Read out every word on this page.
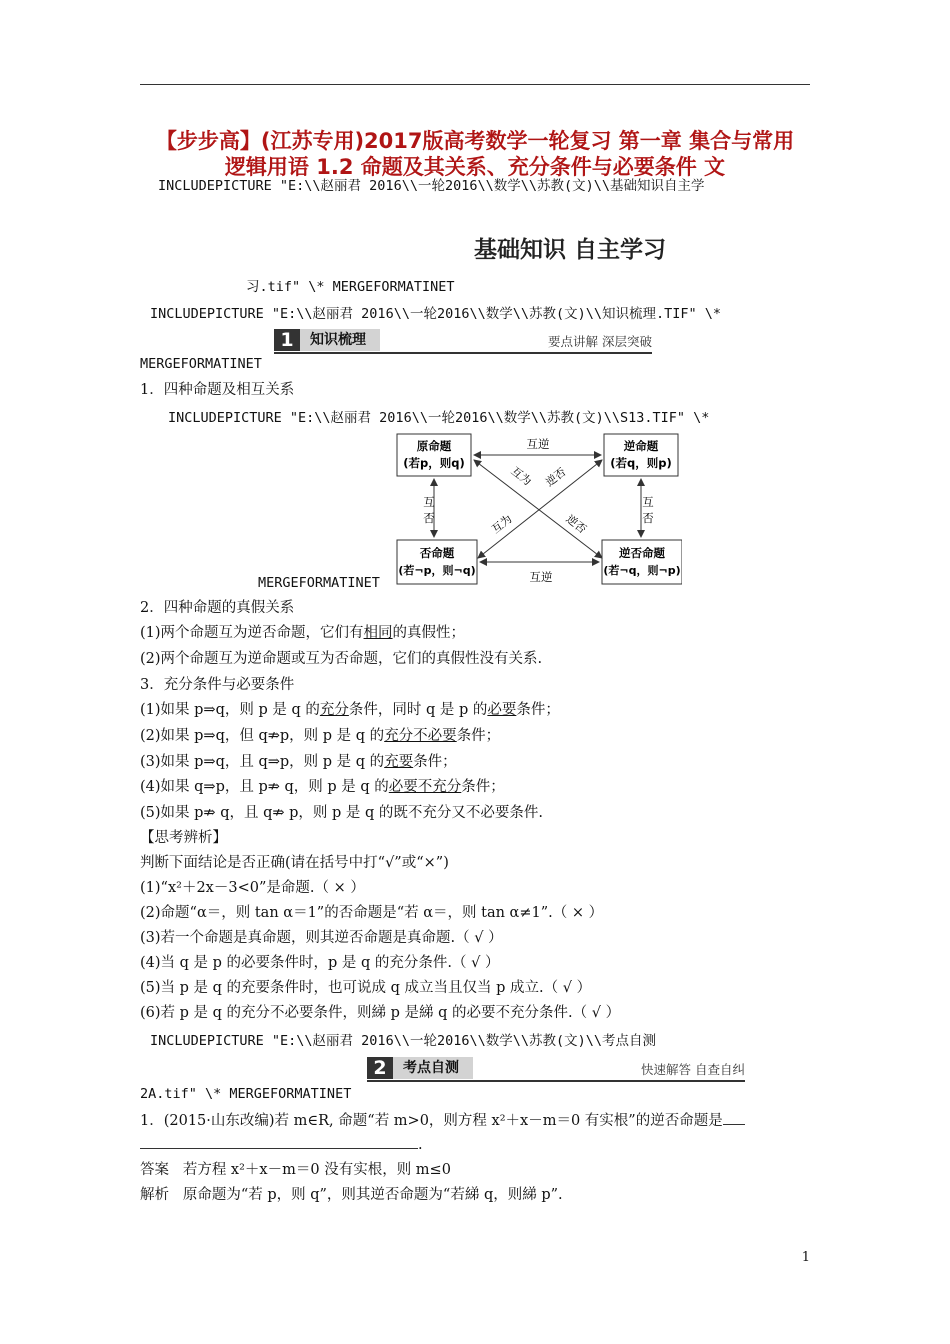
【步步高】(江苏专用)2017版高考数学一轮复习 第一章 集合与常用
逻辑用语 1.2 命题及其关系、充分条件与必要条件 文
INCLUDEPICTURE "E:\\赵丽君 2016\\一轮2016\\数学\\苏教(文)\\基础知识自主学
基础知识 自主学习
习.tif" \* MERGEFORMATINET
INCLUDEPICTURE "E:\\赵丽君 2016\\一轮2016\\数学\\苏教(文)\\知识梳理.TIF" \*
1	知识梳理	要点讲解 深层突破
MERGEFORMATINET
1．四种命题及相互关系
INCLUDEPICTURE "E:\\赵丽君 2016\\一轮2016\\数学\\苏教(文)\\S13.TIF" \*
原命题
(若p，则q)
逆命题
(若q，则p)
否命题
(若¬p，则¬q)
逆否命题
(若¬q，则¬p)
互逆
互逆
互
否
互
否
互为 逆否
互为	逆否
MERGEFORMATINET
2．四种命题的真假关系
(1)两个命题互为逆否命题，它们有相同的真假性；
(2)两个命题互为逆命题或互为否命题，它们的真假性没有关系.
3．充分条件与必要条件
(1)如果 p⇒q，则 p 是 q 的充分条件，同时 q 是 p 的必要条件；
(2)如果 p⇒q，但 q⇏p，则 p 是 q 的充分不必要条件；
(3)如果 p⇒q，且 q⇒p，则 p 是 q 的充要条件；
(4)如果 q⇒p，且 p⇏ q，则 p 是 q 的必要不充分条件；
(5)如果 p⇏ q，且 q⇏ p，则 p 是 q 的既不充分又不必要条件.
【思考辨析】
判断下面结论是否正确(请在括号中打“√”或“×”)
(1)“x²＋2x－3<0”是命题.（ × ）
(2)命题“α＝，则 tan α＝1”的否命题是“若 α＝，则 tan α≠1”.（ × ）
(3)若一个命题是真命题，则其逆否命题是真命题.（ √ ）
(4)当 q 是 p 的必要条件时，p 是 q 的充分条件.（ √ ）
(5)当 p 是 q 的充要条件时，也可说成 q 成立当且仅当 p 成立.（ √ ）
(6)若 p 是 q 的充分不必要条件，则綈 p 是綈 q 的必要不充分条件.（ √ ）
INCLUDEPICTURE "E:\\赵丽君 2016\\一轮2016\\数学\\苏教(文)\\考点自测
2	考点自测	快速解答 自查自纠
2A.tif" \* MERGEFORMATINET
1．(2015·山东改编)若 m∈R, 命题“若 m>0，则方程 x²＋x－m＝0 有实根”的逆否命题是
.
答案 若方程 x²＋x－m＝0 没有实根，则 m≤0
解析 原命题为“若 p，则 q”，则其逆否命题为“若綈 q，则綈 p”.
1
